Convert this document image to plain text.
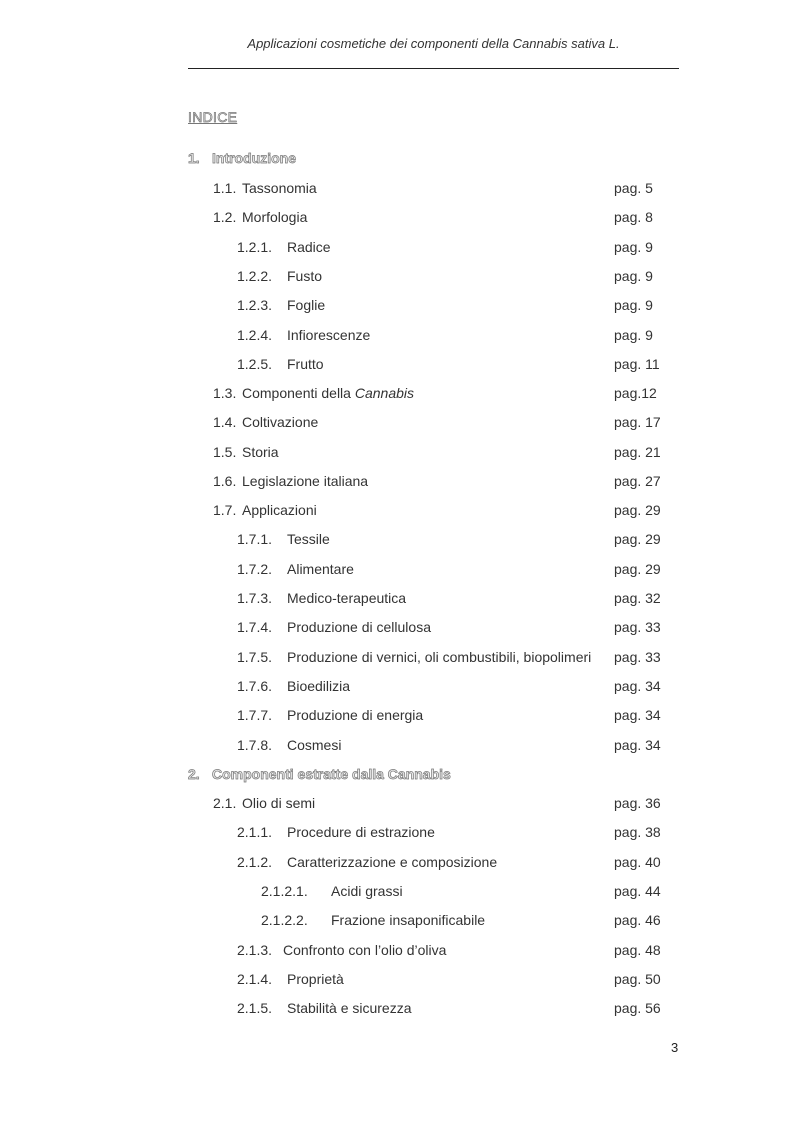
Applicazioni cosmetiche dei componenti della Cannabis sativa L.
INDICE
1. Introduzione
1.1. Tassonomia	pag. 5
1.2. Morfologia	pag. 8
1.2.1. Radice	pag. 9
1.2.2. Fusto	pag. 9
1.2.3. Foglie	pag. 9
1.2.4. Infiorescenze	pag. 9
1.2.5. Frutto	pag. 11
1.3. Componenti della Cannabis	pag.12
1.4. Coltivazione	pag. 17
1.5. Storia	pag. 21
1.6. Legislazione italiana	pag. 27
1.7. Applicazioni	pag. 29
1.7.1. Tessile	pag. 29
1.7.2. Alimentare	pag. 29
1.7.3. Medico-terapeutica	pag. 32
1.7.4. Produzione di cellulosa	pag. 33
1.7.5. Produzione di vernici, oli combustibili, biopolimeri pag. 33
1.7.6. Bioedilizia	pag. 34
1.7.7. Produzione di energia	pag. 34
1.7.8. Cosmesi	pag. 34
2. Componenti estratte dalla Cannabis
2.1. Olio di semi	pag. 36
2.1.1. Procedure di estrazione	pag. 38
2.1.2. Caratterizzazione e composizione	pag. 40
2.1.2.1. Acidi grassi	pag. 44
2.1.2.2. Frazione insaponificabile	pag. 46
2.1.3. Confronto con l’olio d’oliva	pag. 48
2.1.4. Proprietà	pag. 50
2.1.5. Stabilità e sicurezza	pag. 56
3
